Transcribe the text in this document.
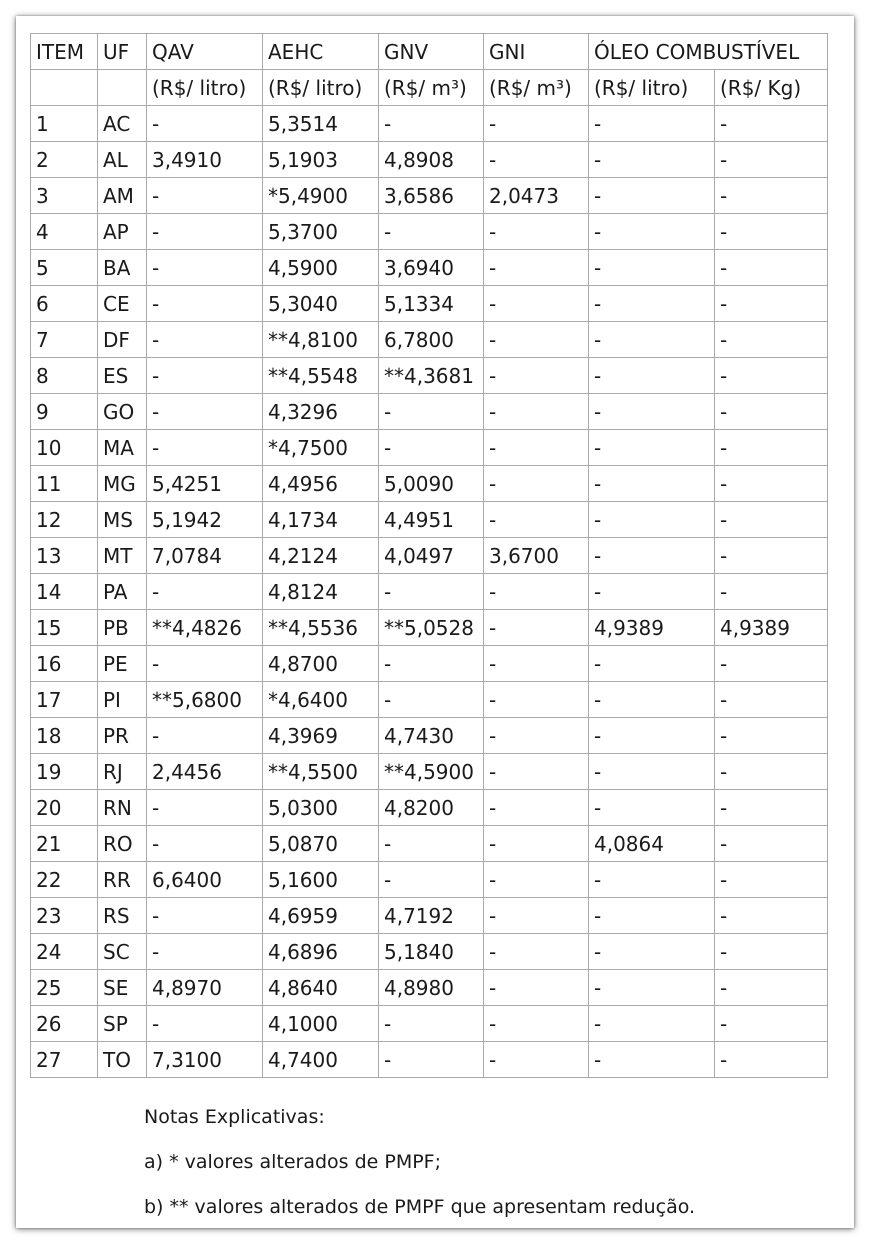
ITEM	UF	QAV	AEHC	GNV	GNI	ÓLEO COMBUSTÍVEL	
		(R$/ litro)	(R$/ litro)	(R$/ m³)	(R$/ m³)	(R$/ litro)	(R$/ Kg)
1	AC	-	5,3514	-	-	-	-
2	AL	3,4910	5,1903	4,8908	-	-	-
3	AM	-	*5,4900	3,6586	2,0473	-	-
4	AP	-	5,3700	-	-	-	-
5	BA	-	4,5900	3,6940	-	-	-
6	CE	-	5,3040	5,1334	-	-	-
7	DF	-	**4,8100	6,7800	-	-	-
8	ES	-	**4,5548	**4,3681	-	-	-
9	GO	-	4,3296	-	-	-	-
10	MA	-	*4,7500	-	-	-	-
11	MG	5,4251	4,4956	5,0090	-	-	-
12	MS	5,1942	4,1734	4,4951	-	-	-
13	MT	7,0784	4,2124	4,0497	3,6700	-	-
14	PA	-	4,8124	-	-	-	-
15	PB	**4,4826	**4,5536	**5,0528	-	4,9389	4,9389
16	PE	-	4,8700	-	-	-	-
17	PI	**5,6800	*4,6400	-	-	-	-
18	PR	-	4,3969	4,7430	-	-	-
19	RJ	2,4456	**4,5500	**4,5900	-	-	-
20	RN	-	5,0300	4,8200	-	-	-
21	RO	-	5,0870	-	-	4,0864	-
22	RR	6,6400	5,1600	-	-	-	-
23	RS	-	4,6959	4,7192	-	-	-
24	SC	-	4,6896	5,1840	-	-	-
25	SE	4,8970	4,8640	4,8980	-	-	-
26	SP	-	4,1000	-	-	-	-
27	TO	7,3100	4,7400	-	-	-	-
Notas Explicativas:
a) * valores alterados de PMPF;
b) ** valores alterados de PMPF que apresentam redução.
